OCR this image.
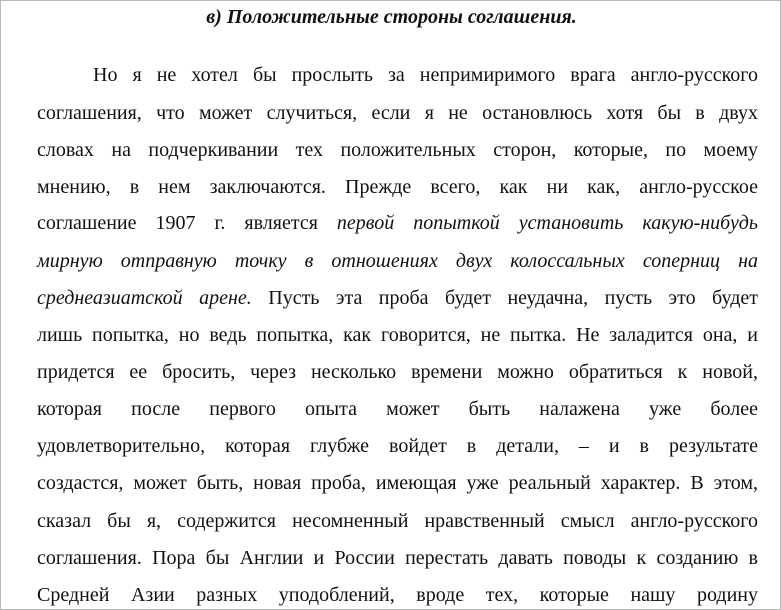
в) Положительные стороны соглашения.
Но я не хотел бы прослыть за непримиримого врага англо-русского
соглашения, что может случиться, если я не остановлюсь хотя бы в двух
словах на подчеркивании тех положительных сторон, которые, по моему
мнению, в нем заключаются. Прежде всего, как ни как, англо-русское
соглашение 1907 г. является первой попыткой установить какую-нибудь
мирную отправную точку в отношениях двух колоссальных соперниц на
среднеазиатской арене. Пусть эта проба будет неудачна, пусть это будет
лишь попытка, но ведь попытка, как говорится, не пытка. Не заладится она, и
придется ее бросить, через несколько времени можно обратиться к новой,
которая после первого опыта может быть налажена уже более
удовлетворительно, которая глубже войдет в детали, – и в результате
создастся, может быть, новая проба, имеющая уже реальный характер. В этом,
сказал бы я, содержится несомненный нравственный смысл англо-русского
соглашения. Пора бы Англии и России перестать давать поводы к созданию в
Средней Азии разных уподоблений, вроде тех, которые нашу родину
